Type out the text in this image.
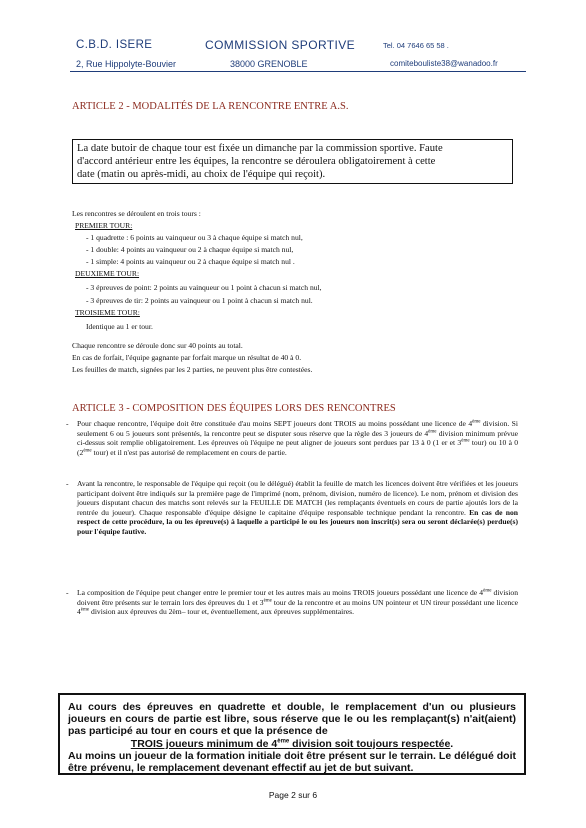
C.B.D. ISERE	COMMISSION SPORTIVE	Tel. 04 7646 65 58 .
2, Rue Hippolyte-Bouvier	38000 GRENOBLE	comitebouliste38@wanadoo.fr
ARTICLE 2 - MODALITÉS DE LA RENCONTRE ENTRE A.S.
La date butoir de chaque tour est fixée un dimanche par la commission sportive. Faute
d'accord antérieur entre les équipes, la rencontre se déroulera obligatoirement à cette
date (matin ou après-midi, au choix de l'équipe qui reçoit).
Les rencontres se déroulent en trois tours :
PREMIER TOUR:
- 1 quadrette : 6 points au vainqueur ou 3 à chaque équipe si match nul,
- 1 double: 4 points au vainqueur ou 2 à chaque équipe si match nul,
- 1 simple: 4 points au vainqueur ou 2 à chaque équipe si match nul .
DEUXIEME TOUR:
- 3 épreuves de point: 2 points au vainqueur ou 1 point à chacun si match nul,
- 3 épreuves de tir: 2 points au vainqueur ou 1 point à chacun si match nul.
TROISIEME TOUR:
Identique au 1 er tour.
Chaque rencontre se déroule donc sur 40 points au total.
En cas de forfait, l'équipe gagnante par forfait marque un résultat de 40 à 0.
Les feuilles de match, signées par les 2 parties, ne peuvent plus être contestées.
ARTICLE 3 - COMPOSITION DES ÉQUIPES LORS DES RENCONTRES
- Pour chaque rencontre, l'équipe doit être constituée d'au moins SEPT joueurs dont TROIS au moins possédant une licence de 4ème division. Si seulement 6 ou 5 joueurs sont présentés, la rencontre peut se disputer sous réserve que la règle des 3 joueurs de 4ème division minimum prévue ci-dessus soit remplie obligatoirement. Les épreuves où l'équipe ne peut aligner de joueurs sont perdues par 13 à 0 (1 er et 3ème tour) ou 10 à 0 (2ème tour) et il n'est pas autorisé de remplacement en cours de partie.
- Avant la rencontre, le responsable de l'équipe qui reçoit (ou le délégué) établit la feuille de match les licences doivent être vérifiées et les joueurs participant doivent être indiqués sur la première page de l'imprimé (nom, prénom, division, numéro de licence). Le nom, prénom et division des joueurs disputant chacun des matchs sont relevés sur la FEUILLE DE MATCH (les remplaçants éventuels en cours de partie ajoutés lors de la rentrée du joueur). Chaque responsable d'équipe désigne le capitaine d'équipe responsable technique pendant la rencontre. En cas de non respect de cette procédure, la ou les épreuve(s) à laquelle a participé le ou les joueurs non inscrit(s) sera ou seront déclarée(s) perdue(s) pour l'équipe fautive.
- La composition de l'équipe peut changer entre le premier tour et les autres mais au moins TROIS joueurs possédant une licence de 4ème division doivent être présents sur le terrain lors des épreuves du 1 et 3ème tour de la rencontre et au moins UN pointeur et UN tireur possédant une licence 4ème division aux épreuves du 2èm– tour et, éventuellement, aux épreuves supplémentaires.
Au cours des épreuves en quadrette et double, le remplacement d'un ou plusieurs joueurs en cours de partie est libre, sous réserve que le ou les remplaçant(s) n'ait(aient) pas participé au tour en cours et que la présence de
TROIS joueurs minimum de 4ème division soit toujours respectée.
Au moins un joueur de la formation initiale doit être présent sur le terrain. Le délégué doit être prévenu, le remplacement devenant effectif au jet de but suivant.
Page 2 sur 6
